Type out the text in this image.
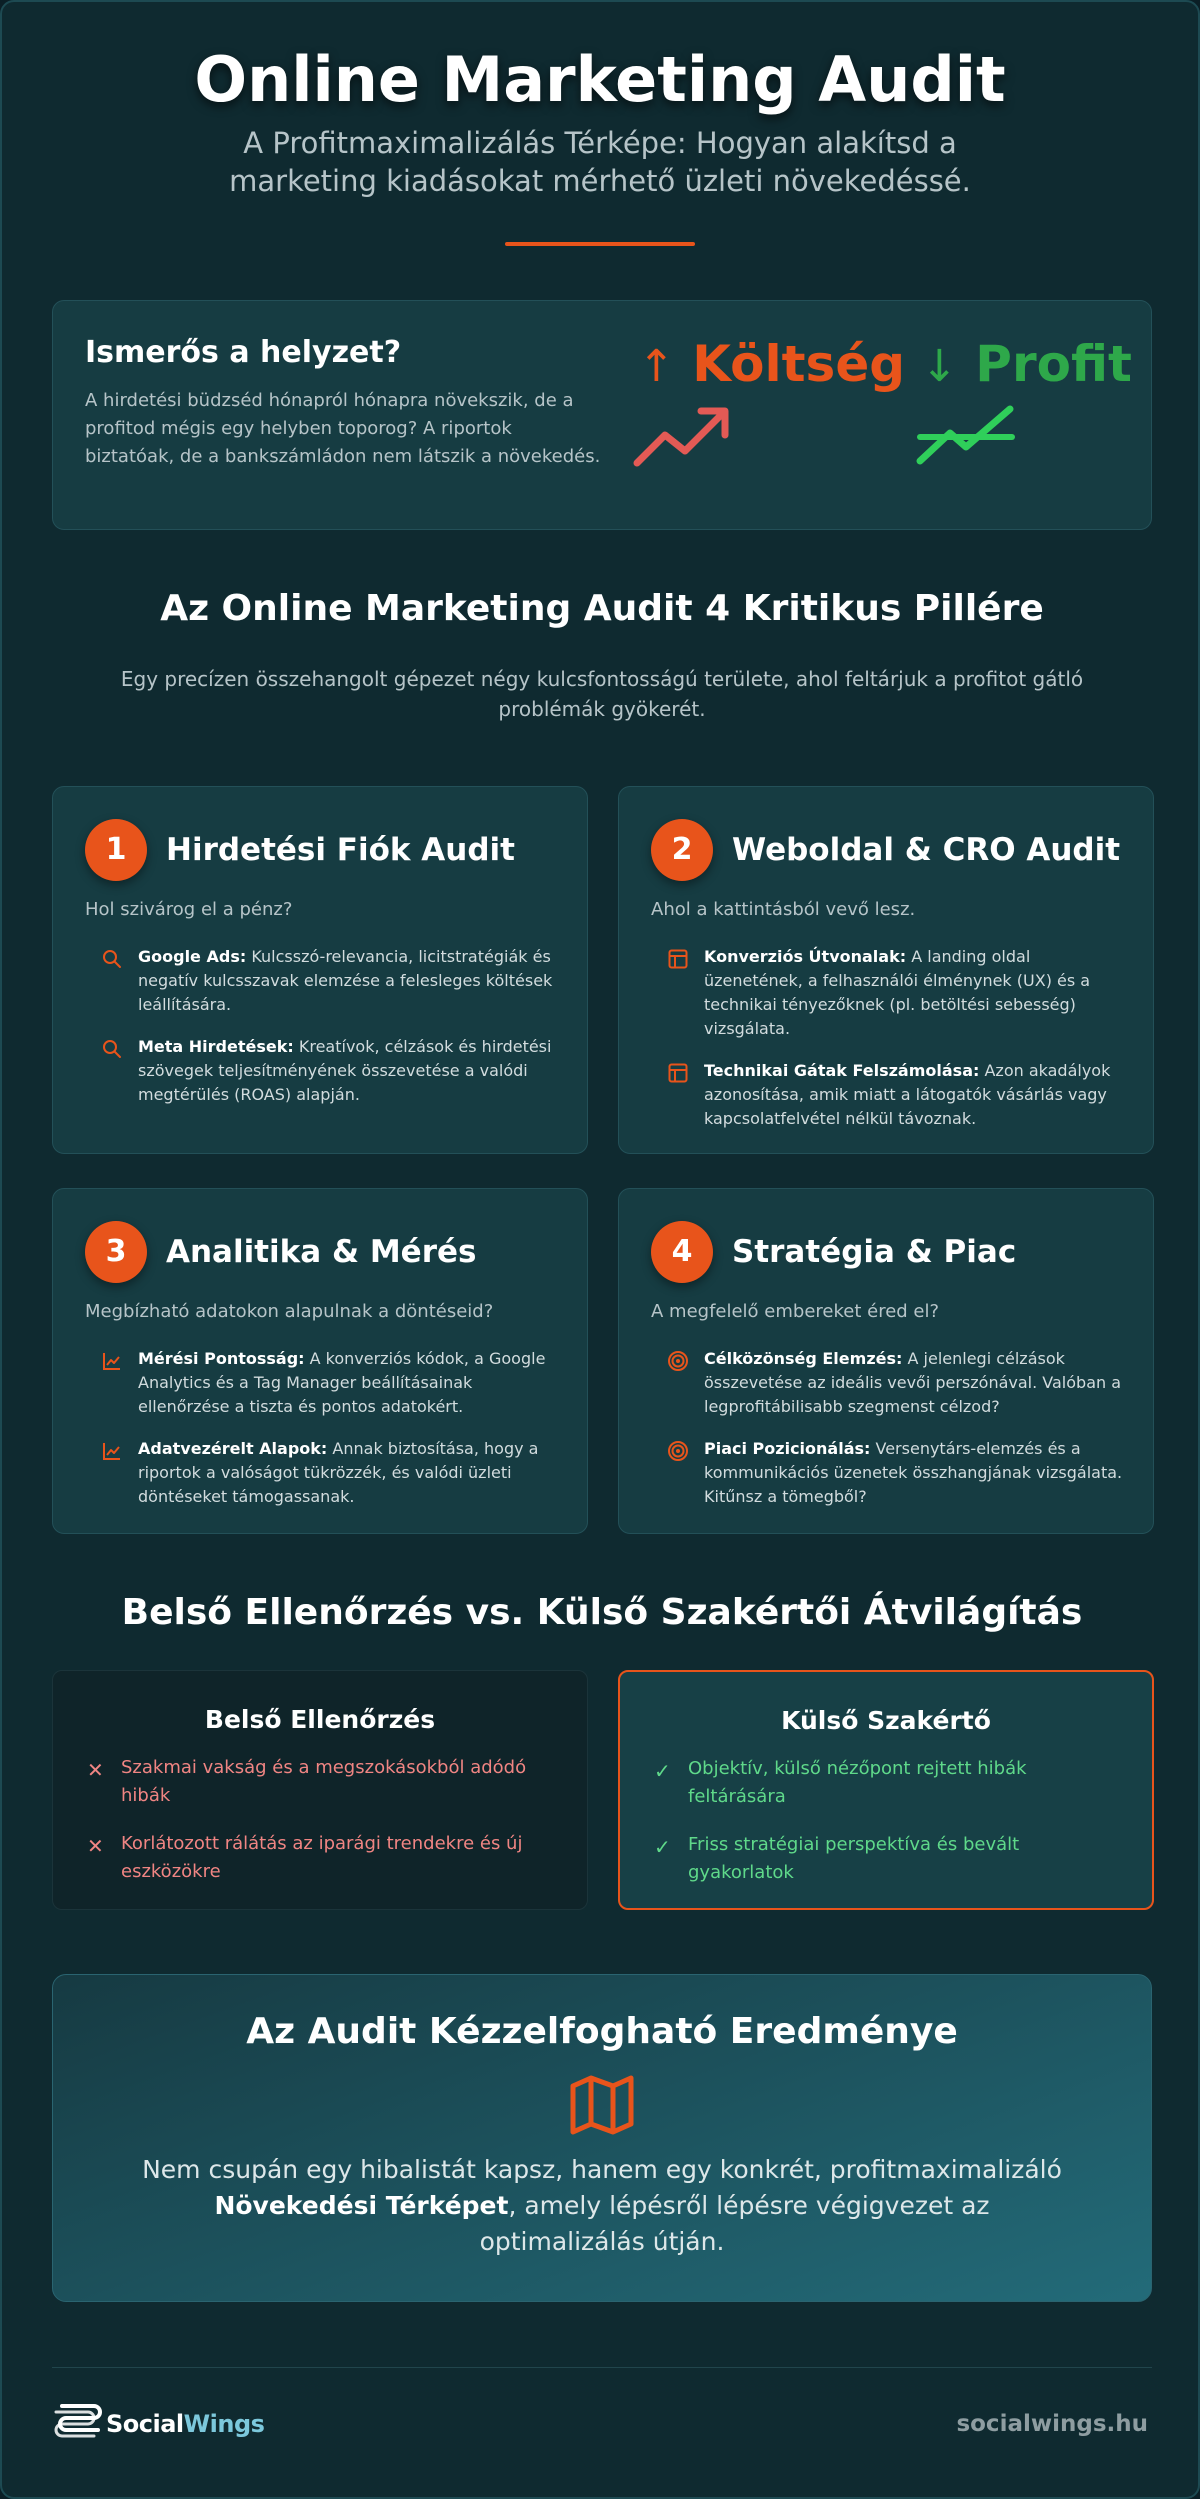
Online Marketing Audit

A Profitmaximalizálás Térképe: Hogyan alakítsd a marketing kiadásokat mérhető üzleti növekedéssé.

Ismerős a helyzet?

A hirdetési büdzséd hónapról hónapra növekszik, de a profitod mégis egy helyben toporog? A riportok biztatóak, de a bankszámládon nem látszik a növekedés.

↑ Költség ↓ Profit
Az Online Marketing Audit 4 Kritikus Pillére

Egy precízen összehangolt gépezet négy kulcsfontosságú területe, ahol feltárjuk a profitot gátló problémák gyökerét.

1	Hirdetési Fiók Audit

Hol szivárog el a pénz?

Google Ads: Kulcsszó-relevancia, licitstratégiák és negatív kulcsszavak elemzése a felesleges költések leállítására.

Meta Hirdetések: Kreatívok, célzások és hirdetési szövegek teljesítményének összevetése a valódi megtérülés (ROAS) alapján.

2	Weboldal & CRO Audit

Ahol a kattintásból vevő lesz.

Konverziós Útvonalak: A landing oldal üzenetének, a felhasználói élménynek (UX) és a technikai tényezőknek (pl. betöltési sebesség) vizsgálata.

Technikai Gátak Felszámolása: Azon akadályok azonosítása, amik miatt a látogatók vásárlás vagy kapcsolatfelvétel nélkül távoznak.

3	Analitika & Mérés

Megbízható adatokon alapulnak a döntéseid?

Mérési Pontosság: A konverziós kódok, a Google Analytics és a Tag Manager beállításainak ellenőrzése a tiszta és pontos adatokért.

Adatvezérelt Alapok: Annak biztosítása, hogy a riportok a valóságot tükrözzék, és valódi üzleti döntéseket támogassanak.

4	Stratégia & Piac

A megfelelő embereket éred el?

Célközönség Elemzés: A jelenlegi célzások összevetése az ideális vevői perszónával. Valóban a legprofitábilisabb szegmenst célzod?

Piaci Pozicionálás: Versenytárs-elemzés és a kommunikációs üzenetek összhangjának vizsgálata. Kitűnsz a tömegből?

Belső Ellenőrzés vs. Külső Szakértői Átvilágítás
Belső Ellenőrzés
✕ Szakmai vakság és a megszokásokból adódó hibák

✕ Korlátozott rálátás az iparági trendekre és új eszközökre

Külső Szakértő
✓ Objektív, külső nézőpont rejtett hibák feltárására

✓ Friss stratégiai perspektíva és bevált gyakorlatok

Az Audit Kézzelfogható Eredménye

Nem csupán egy hibalistát kapsz, hanem egy konkrét, profitmaximalizáló Növekedési Térképet, amely lépésről lépésre végigvezet az optimalizálás útján.

SocialWings	socialwings.hu
